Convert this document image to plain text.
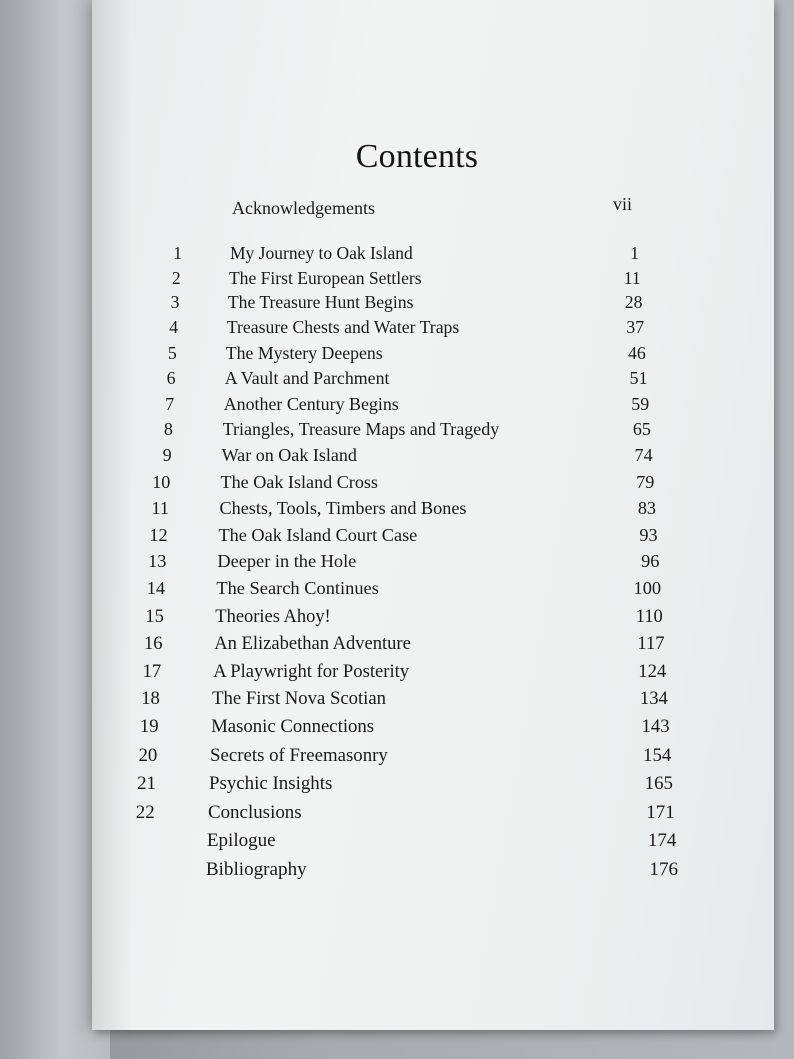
Contents
Acknowledgements	vii
1	My Journey to Oak Island	1
2	The First European Settlers	11
3	The Treasure Hunt Begins	28
4	Treasure Chests and Water Traps	37
5	The Mystery Deepens	46
6	A Vault and Parchment	51
7	Another Century Begins	59
8	Triangles, Treasure Maps and Tragedy	65
9	War on Oak Island	74
10	The Oak Island Cross	79
11	Chests, Tools, Timbers and Bones	83
12	The Oak Island Court Case	93
13	Deeper in the Hole	96
14	The Search Continues	100
15	Theories Ahoy!	110
16	An Elizabethan Adventure	117
17	A Playwright for Posterity	124
18	The First Nova Scotian	134
19	Masonic Connections	143
20	Secrets of Freemasonry	154
21	Psychic Insights	165
22	Conclusions	171
Epilogue	174
Bibliography	176
